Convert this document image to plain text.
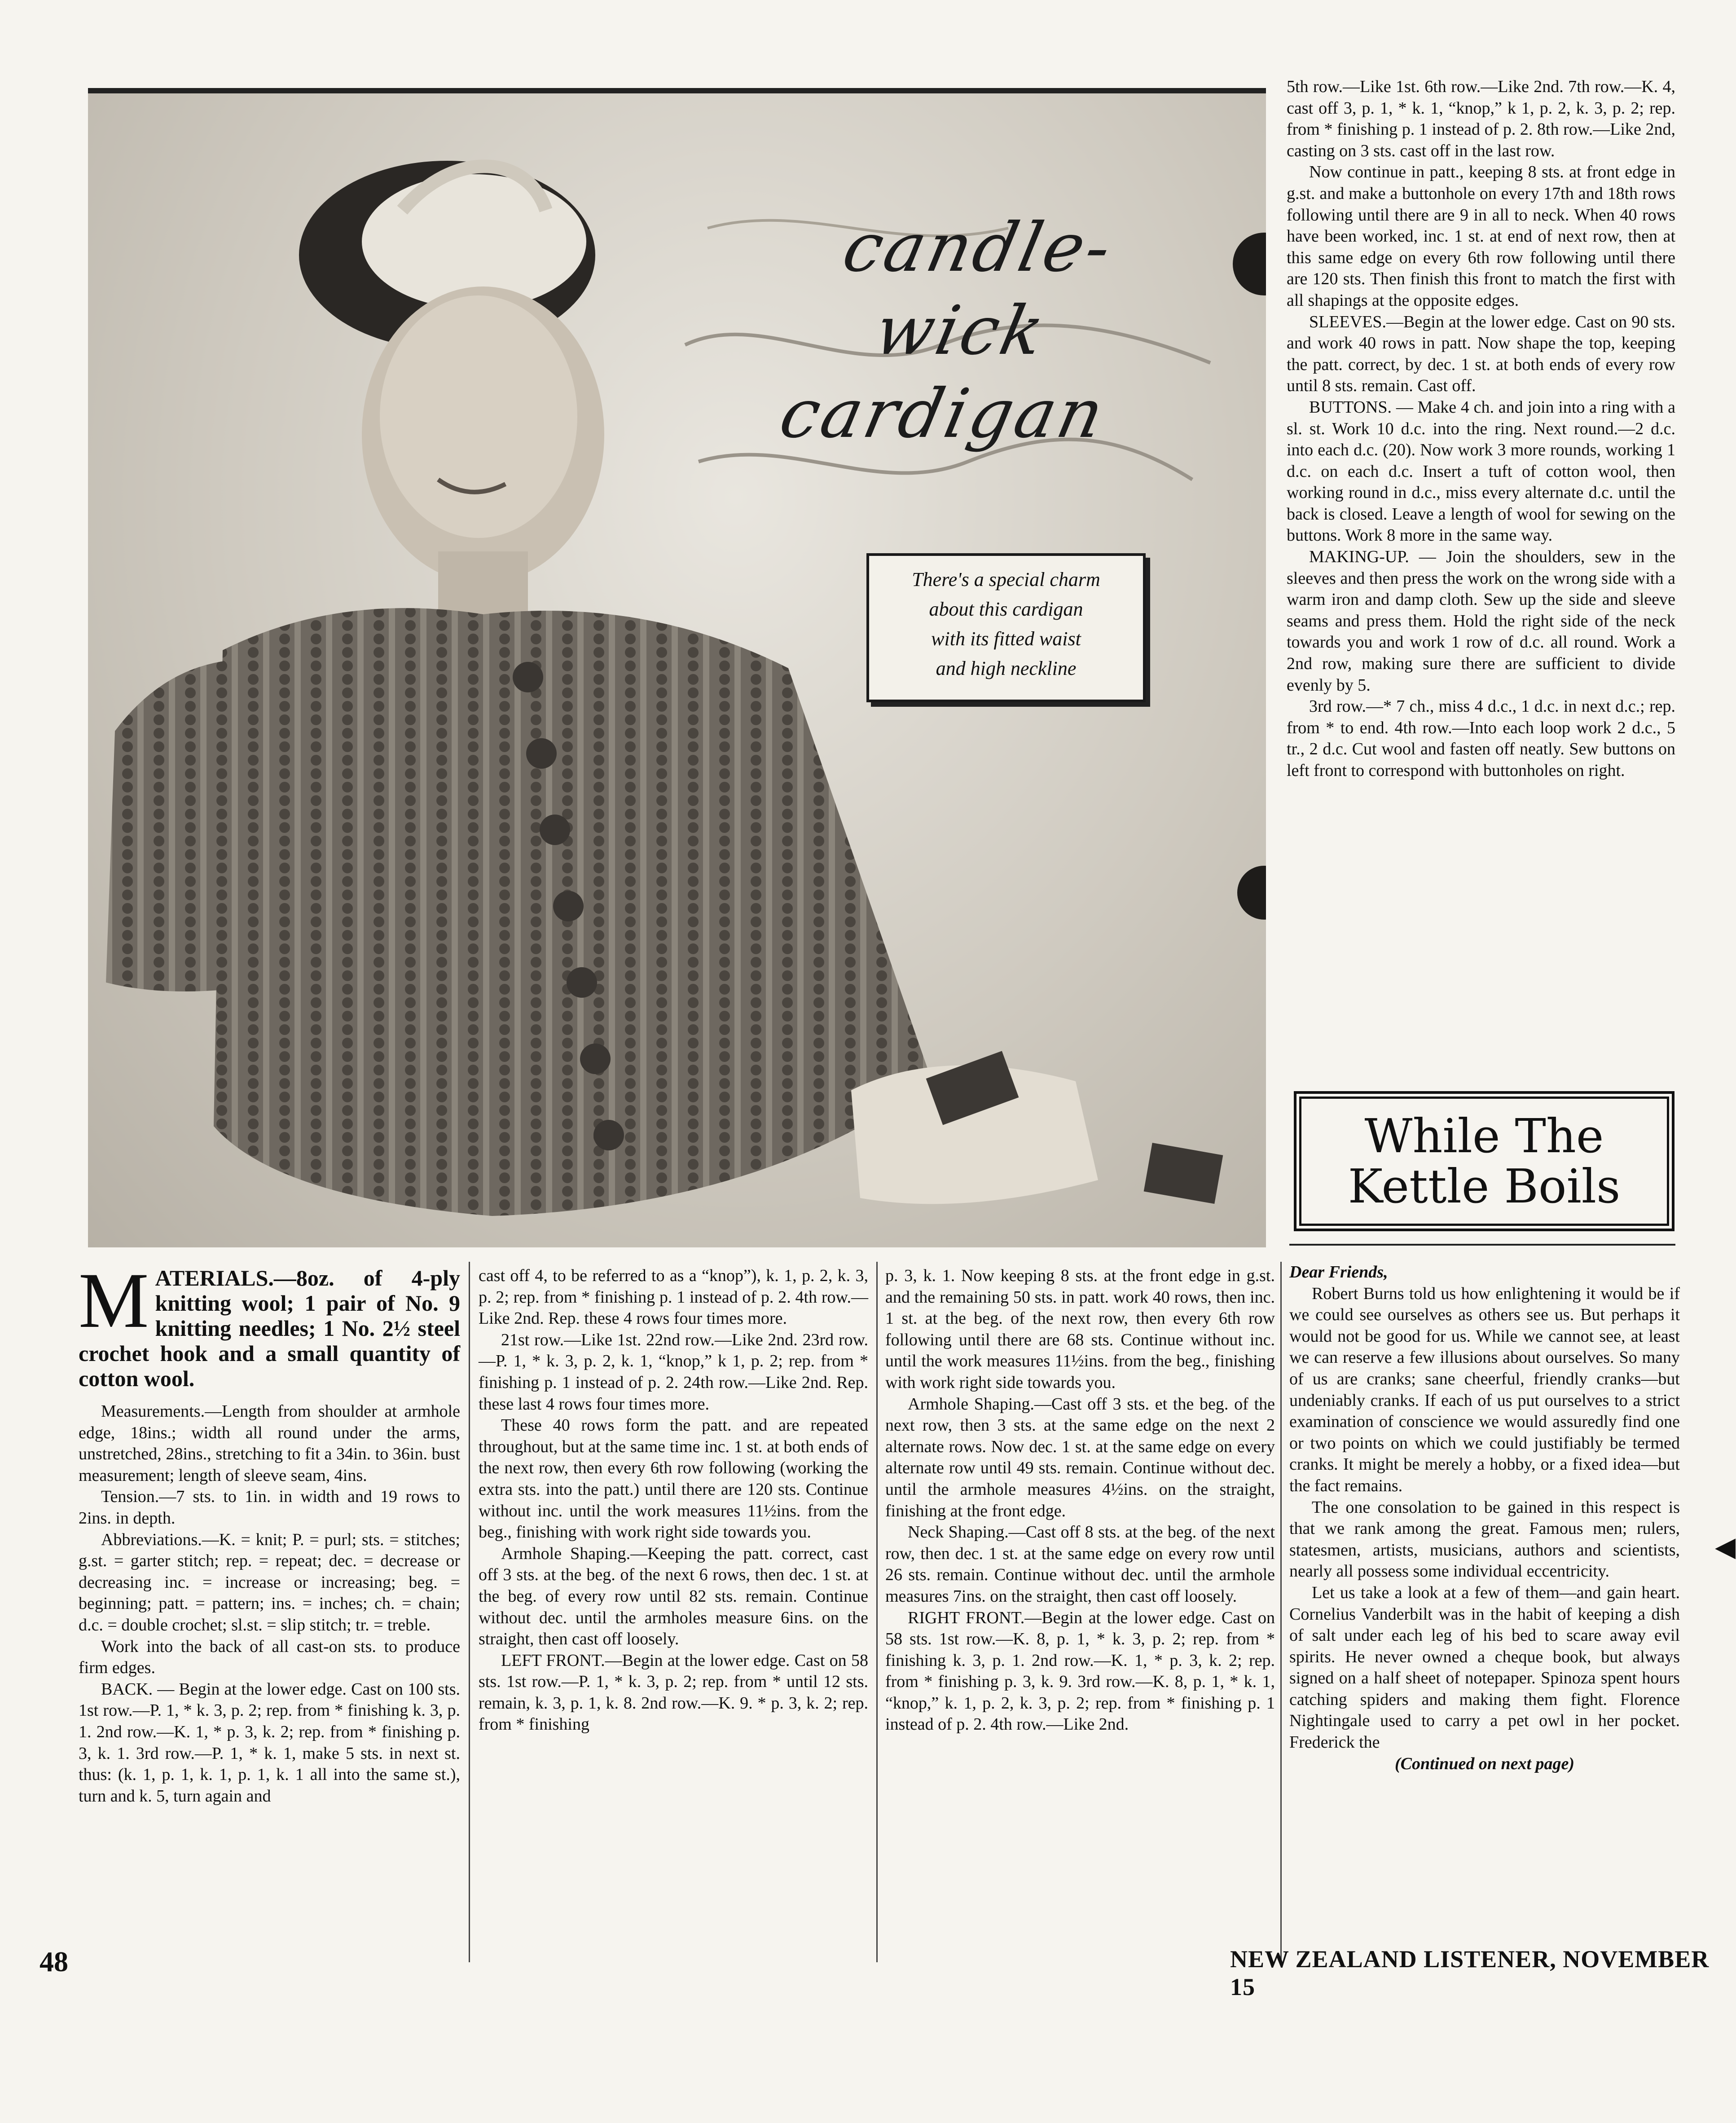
candle-wick
cardigan
There's a special charm
about this cardigan
with its fitted waist
and high neckline

5th row.—Like 1st. 6th row.—Like 2nd. 7th row.—K. 4, cast off 3, p. 1, * k. 1, “knop,” k 1, p. 2, k. 3, p. 2; rep. from * finishing p. 1 instead of p. 2. 8th row.—Like 2nd, casting on 3 sts. cast off in the last row.

Now continue in patt., keeping 8 sts. at front edge in g.st. and make a buttonhole on every 17th and 18th rows following until there are 9 in all to neck. When 40 rows have been worked, inc. 1 st. at end of next row, then at this same edge on every 6th row following until there are 120 sts. Then finish this front to match the first with all shapings at the opposite edges.

SLEEVES.—Begin at the lower edge. Cast on 90 sts. and work 40 rows in patt. Now shape the top, keeping the patt. correct, by dec. 1 st. at both ends of every row until 8 sts. remain. Cast off.

BUTTONS. — Make 4 ch. and join into a ring with a sl. st. Work 10 d.c. into the ring. Next round.—2 d.c. into each d.c. (20). Now work 3 more rounds, working 1 d.c. on each d.c. Insert a tuft of cotton wool, then working round in d.c., miss every alternate d.c. until the back is closed. Leave a length of wool for sewing on the buttons. Work 8 more in the same way.

MAKING-UP. — Join the shoulders, sew in the sleeves and then press the work on the wrong side with a warm iron and damp cloth. Sew up the side and sleeve seams and press them. Hold the right side of the neck towards you and work 1 row of d.c. all round. Work a 2nd row, making sure there are sufficient to divide evenly by 5.

3rd row.—* 7 ch., miss 4 d.c., 1 d.c. in next d.c.; rep. from * to end. 4th row.—Into each loop work 2 d.c., 5 tr., 2 d.c. Cut wool and fasten off neatly. Sew buttons on left front to correspond with buttonholes on right.

While The
Kettle Boils

MATERIALS.—8oz. of 4-ply knitting wool; 1 pair of No. 9 knitting needles; 1 No. 2½ steel crochet hook and a small quantity of cotton wool.

Measurements.—Length from shoulder at armhole edge, 18ins.; width all round under the arms, unstretched, 28ins., stretching to fit a 34in. to 36in. bust measurement; length of sleeve seam, 4ins.

Tension.—7 sts. to 1in. in width and 19 rows to 2ins. in depth.

Abbreviations.—K. = knit; P. = purl; sts. = stitches; g.st. = garter stitch; rep. = repeat; dec. = decrease or decreasing inc. = increase or increasing; beg. = beginning; patt. = pattern; ins. = inches; ch. = chain; d.c. = double crochet; sl.st. = slip stitch; tr. = treble.

Work into the back of all cast-on sts. to produce firm edges.

BACK. — Begin at the lower edge. Cast on 100 sts. 1st row.—P. 1, * k. 3, p. 2; rep. from * finishing k. 3, p. 1. 2nd row.—K. 1, * p. 3, k. 2; rep. from * finishing p. 3, k. 1. 3rd row.—P. 1, * k. 1, make 5 sts. in next st. thus: (k. 1, p. 1, k. 1, p. 1, k. 1 all into the same st.), turn and k. 5, turn again and

cast off 4, to be referred to as a “knop”), k. 1, p. 2, k. 3, p. 2; rep. from * finishing p. 1 instead of p. 2. 4th row.—Like 2nd. Rep. these 4 rows four times more.

21st row.—Like 1st. 22nd row.—Like 2nd. 23rd row.—P. 1, * k. 3, p. 2, k. 1, “knop,” k 1, p. 2; rep. from * finishing p. 1 instead of p. 2. 24th row.—Like 2nd. Rep. these last 4 rows four times more.

These 40 rows form the patt. and are repeated throughout, but at the same time inc. 1 st. at both ends of the next row, then every 6th row following (working the extra sts. into the patt.) until there are 120 sts. Continue without inc. until the work measures 11½ins. from the beg., finishing with work right side towards you.

Armhole Shaping.—Keeping the patt. correct, cast off 3 sts. at the beg. of the next 6 rows, then dec. 1 st. at the beg. of every row until 82 sts. remain. Continue without dec. until the armholes measure 6ins. on the straight, then cast off loosely.

LEFT FRONT.—Begin at the lower edge. Cast on 58 sts. 1st row.—P. 1, * k. 3, p. 2; rep. from * until 12 sts. remain, k. 3, p. 1, k. 8. 2nd row.—K. 9. * p. 3, k. 2; rep. from * finishing

p. 3, k. 1. Now keeping 8 sts. at the front edge in g.st. and the remaining 50 sts. in patt. work 40 rows, then inc. 1 st. at the beg. of the next row, then every 6th row following until there are 68 sts. Continue without inc. until the work measures 11½ins. from the beg., finishing with work right side towards you.

Armhole Shaping.—Cast off 3 sts. et the beg. of the next row, then 3 sts. at the same edge on the next 2 alternate rows. Now dec. 1 st. at the same edge on every alternate row until 49 sts. remain. Continue without dec. until the armhole measures 4½ins. on the straight, finishing at the front edge.

Neck Shaping.—Cast off 8 sts. at the beg. of the next row, then dec. 1 st. at the same edge on every row until 26 sts. remain. Continue without dec. until the armhole measures 7ins. on the straight, then cast off loosely.

RIGHT FRONT.—Begin at the lower edge. Cast on 58 sts. 1st row.—K. 8, p. 1, * k. 3, p. 2; rep. from * finishing k. 3, p. 1. 2nd row.—K. 1, * p. 3, k. 2; rep. from * finishing p. 3, k. 9. 3rd row.—K. 8, p. 1, * k. 1, “knop,” k. 1, p. 2, k. 3, p. 2; rep. from * finishing p. 1 instead of p. 2. 4th row.—Like 2nd.

Dear Friends,

Robert Burns told us how enlightening it would be if we could see ourselves as others see us. But perhaps it would not be good for us. While we cannot see, at least we can reserve a few illusions about ourselves. So many of us are cranks; sane cheerful, friendly cranks—but undeniably cranks. If each of us put ourselves to a strict examination of conscience we would assuredly find one or two points on which we could justifiably be termed cranks. It might be merely a hobby, or a fixed idea—but the fact remains.

The one consolation to be gained in this respect is that we rank among the great. Famous men; rulers, statesmen, artists, musicians, authors and scientists, nearly all possess some individual eccentricity.

Let us take a look at a few of them—and gain heart. Cornelius Vanderbilt was in the habit of keeping a dish of salt under each leg of his bed to scare away evil spirits. He never owned a cheque book, but always signed on a half sheet of notepaper. Spinoza spent hours catching spiders and making them fight. Florence Nightingale used to carry a pet owl in her pocket. Frederick the

(Continued on next page)

◀
48	NEW ZEALAND LISTENER, NOVEMBER 15
